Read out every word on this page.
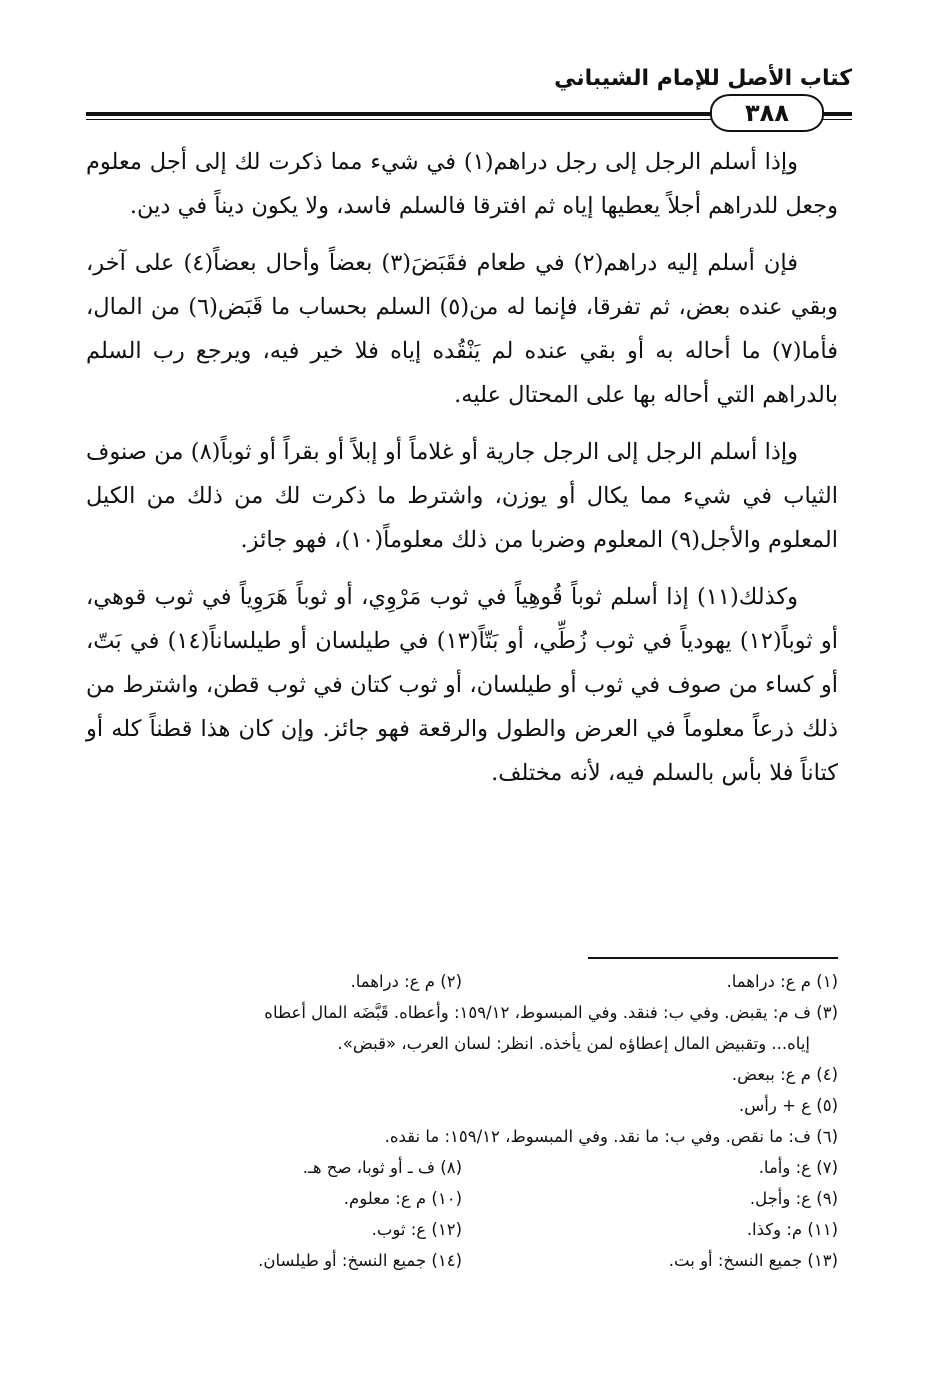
كتاب الأصل للإمام الشيباني
٣٨٨

وإذا أسلم الرجل إلى رجل دراهم(١) في شيء مما ذكرت لك إلى أجل معلوم وجعل للدراهم أجلاً يعطيها إياه ثم افترقا فالسلم فاسد، ولا يكون ديناً في دين.

فإن أسلم إليه دراهم(٢) في طعام فقَبَضَ(٣) بعضاً وأحال بعضاً(٤) على آخر، وبقي عنده بعض، ثم تفرقا، فإنما له من(٥) السلم بحساب ما قَبَض(٦) من المال، فأما(٧) ما أحاله به أو بقي عنده لم يَنْقُده إياه فلا خير فيه، ويرجع رب السلم بالدراهم التي أحاله بها على المحتال عليه.

وإذا أسلم الرجل إلى الرجل جارية أو غلاماً أو إبلاً أو بقراً أو ثوباً(٨) من صنوف الثياب في شيء مما يكال أو يوزن، واشترط ما ذكرت لك من ذلك من الكيل المعلوم والأجل(٩) المعلوم وضربا من ذلك معلوماً(١٠)، فهو جائز.

وكذلك(١١) إذا أسلم ثوباً قُوهِياً في ثوب مَرْوِي، أو ثوباً هَرَوِياً في ثوب قوهي، أو ثوباً(١٢) يهودياً في ثوب زُطِّي، أو بَتّاً(١٣) في طيلسان أو طيلساناً(١٤) في بَتّ، أو كساء من صوف في ثوب أو طيلسان، أو ثوب كتان في ثوب قطن، واشترط من ذلك ذرعاً معلوماً في العرض والطول والرقعة فهو جائز. وإن كان هذا قطناً كله أو كتاناً فلا بأس بالسلم فيه، لأنه مختلف.

(١) م ع: دراهما.
(٢) م ع: دراهما.
(٣) ف م: يقبض. وفي ب: فنقد. وفي المبسوط، ١٥٩/١٢: وأعطاه. قَبَّضَه المال أعطاه
إياه... وتقبيض المال إعطاؤه لمن يأخذه. انظر: لسان العرب، «قبض».
(٤) م ع: ببعض.
(٥) ع + رأس.
(٦) ف: ما نقص. وفي ب: ما نقد. وفي المبسوط، ١٥٩/١٢: ما نقده.
(٧) ع: وأما.
(٨) ف ـ أو ثوبا، صح هـ.
(٩) ع: وأجل.
(١٠) م ع: معلوم.
(١١) م: وكذا.
(١٢) ع: ثوب.
(١٣) جميع النسخ: أو بت.
(١٤) جميع النسخ: أو طيلسان.
